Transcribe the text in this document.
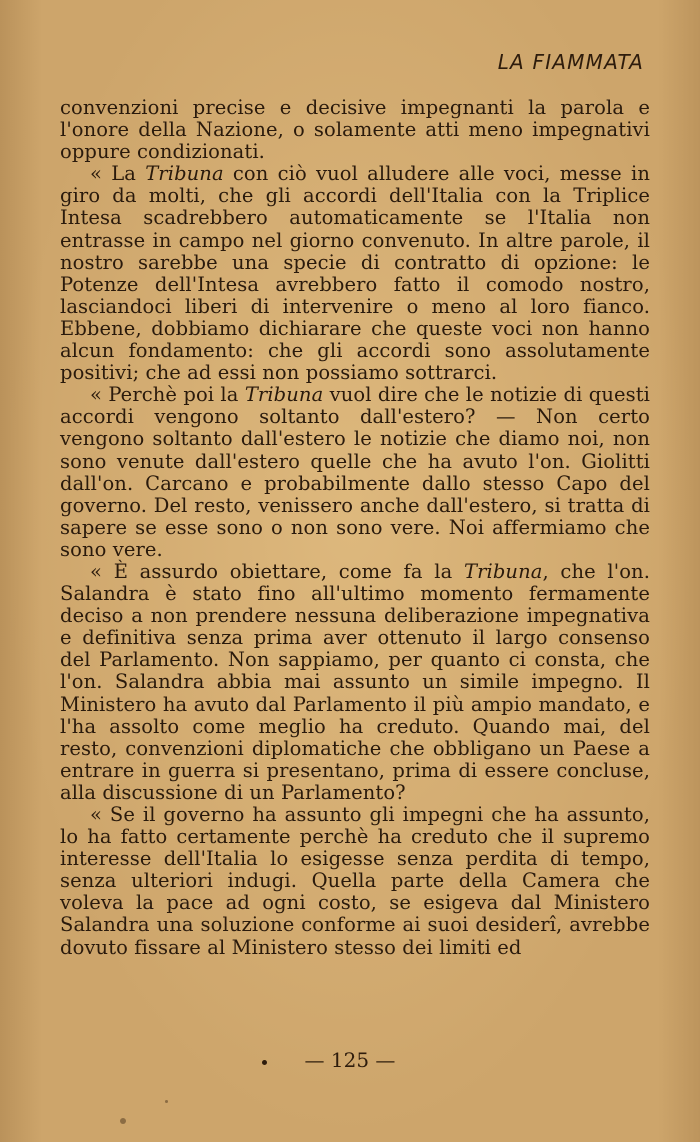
LA FIAMMATA

convenzioni precise e decisive impegnanti la parola e l'onore della Nazione, o solamente atti meno impegnativi oppure condizionati.

« La Tribuna con ciò vuol alludere alle voci, messe in giro da molti, che gli accordi dell'Italia con la Triplice Intesa scadrebbero automaticamente se l'Italia non entrasse in campo nel giorno convenuto. In altre parole, il nostro sarebbe una specie di contratto di opzione: le Potenze dell'Intesa avrebbero fatto il comodo nostro, lasciandoci liberi di intervenire o meno al loro fianco. Ebbene, dobbiamo dichiarare che queste voci non hanno alcun fondamento: che gli accordi sono assolutamente positivi; che ad essi non possiamo sottrarci.

« Perchè poi la Tribuna vuol dire che le notizie di questi accordi vengono soltanto dall'estero? — Non certo vengono soltanto dall'estero le notizie che diamo noi, non sono venute dall'estero quelle che ha avuto l'on. Giolitti dall'on. Carcano e probabilmente dallo stesso Capo del governo. Del resto, venissero anche dall'estero, si tratta di sapere se esse sono o non sono vere. Noi affermiamo che sono vere.

« È assurdo obiettare, come fa la Tribuna, che l'on. Salandra è stato fino all'ultimo momento fermamente deciso a non prendere nessuna deliberazione impegnativa e definitiva senza prima aver ottenuto il largo consenso del Parlamento. Non sappiamo, per quanto ci consta, che l'on. Salandra abbia mai assunto un simile impegno. Il Ministero ha avuto dal Parlamento il più ampio mandato, e l'ha assolto come meglio ha creduto. Quando mai, del resto, convenzioni diplomatiche che obbligano un Paese a entrare in guerra si presentano, prima di essere concluse, alla discussione di un Parlamento?

« Se il governo ha assunto gli impegni che ha assunto, lo ha fatto certamente perchè ha creduto che il supremo interesse dell'Italia lo esigesse senza perdita di tempo, senza ulteriori indugi. Quella parte della Camera che voleva la pace ad ogni costo, se esigeva dal Ministero Salandra una soluzione conforme ai suoi desiderî, avrebbe dovuto fissare al Ministero stesso dei limiti ed

— 125 —
